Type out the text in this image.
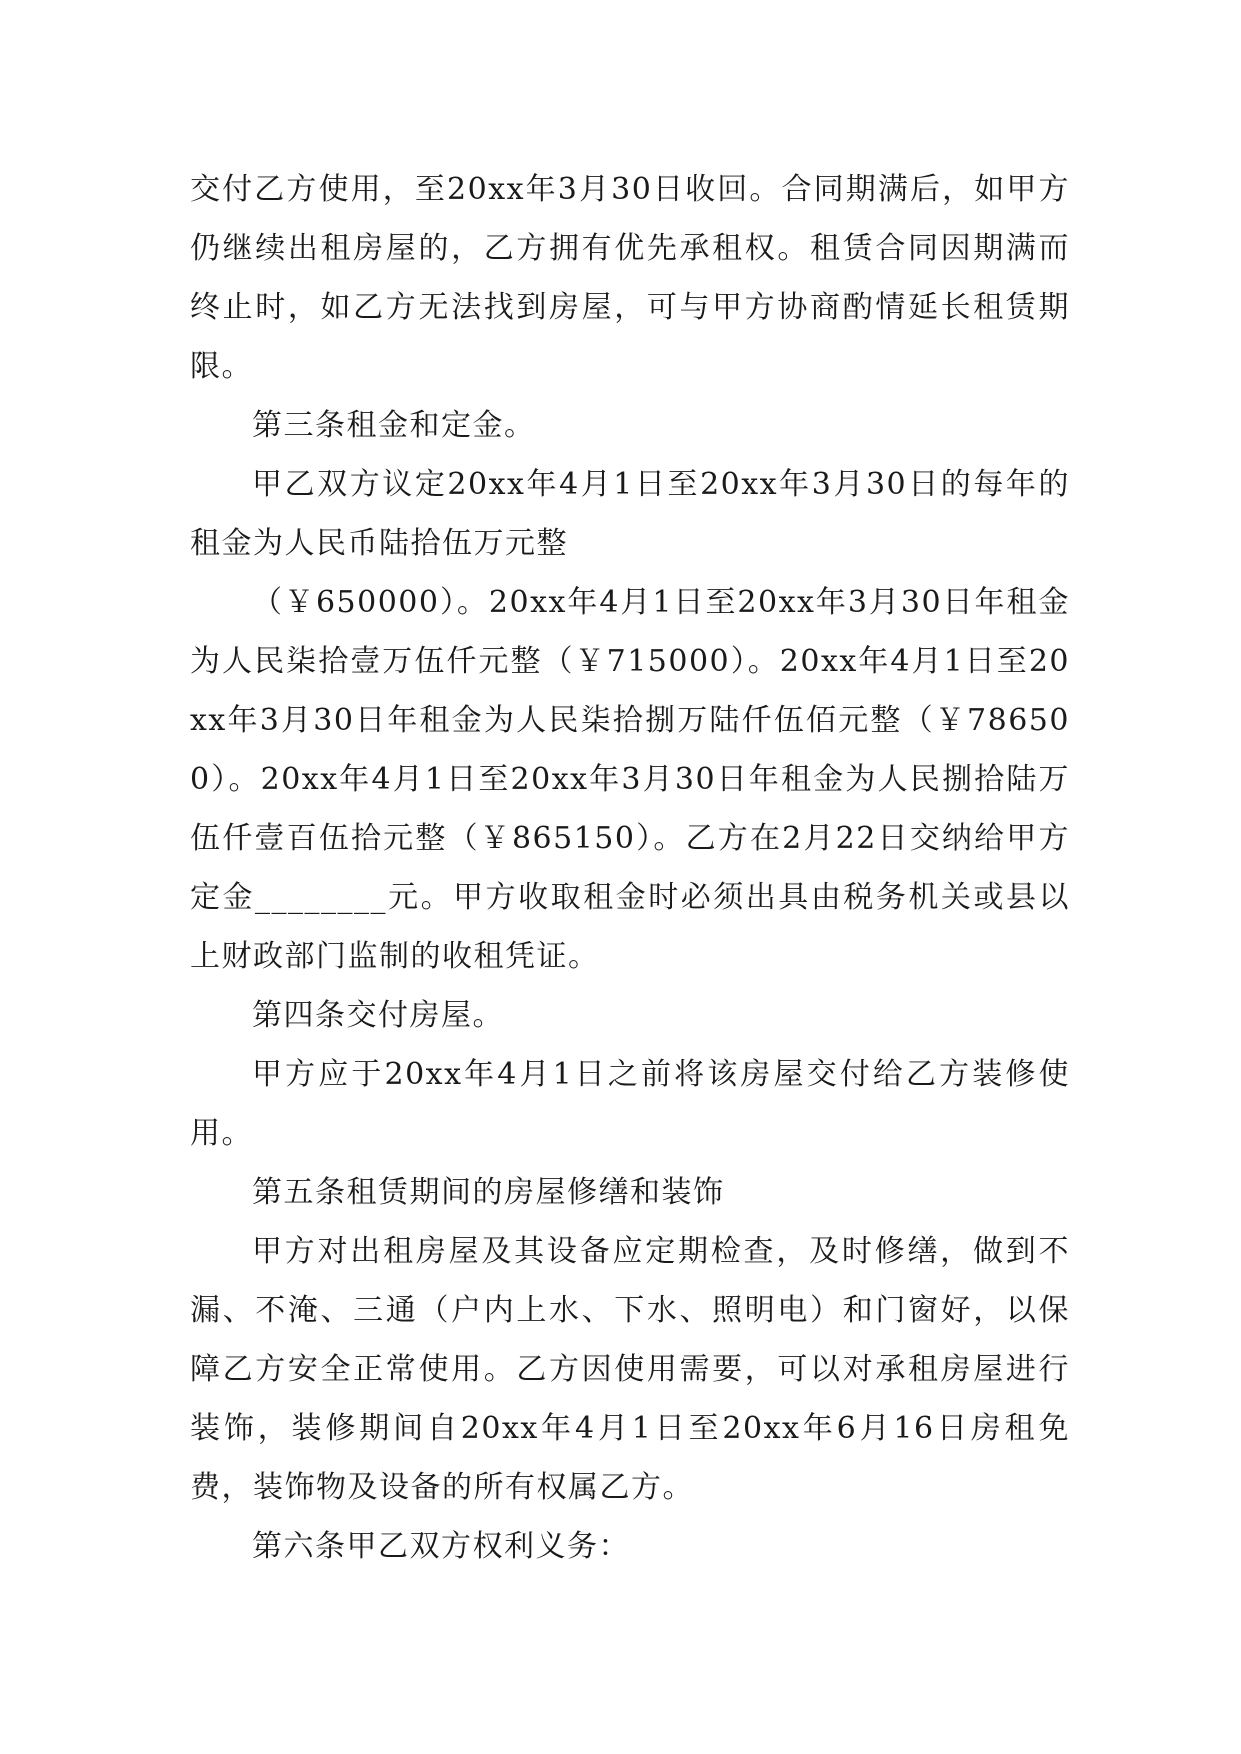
交付乙方使用，至20xx年3月30日收回。合同期满后，如甲方仍继续出租房屋的，乙方拥有优先承租权。租赁合同因期满而终止时，如乙方无法找到房屋，可与甲方协商酌情延长租赁期限。

第三条租金和定金。

甲乙双方议定20xx年4月1日至20xx年3月30日的每年的租金为人民币陆拾伍万元整

（￥650000）。20xx年4月1日至20xx年3月30日年租金为人民柒拾壹万伍仟元整（￥715000）。20xx年4月1日至20xx年3月30日年租金为人民柒拾捌万陆仟伍佰元整（￥786500）。20xx年4月1日至20xx年3月30日年租金为人民捌拾陆万伍仟壹百伍拾元整（￥865150）。乙方在2月22日交纳给甲方定金________元。甲方收取租金时必须出具由税务机关或县以上财政部门监制的收租凭证。

第四条交付房屋。

甲方应于20xx年4月1日之前将该房屋交付给乙方装修使用。

第五条租赁期间的房屋修缮和装饰

甲方对出租房屋及其设备应定期检查，及时修缮，做到不漏、不淹、三通（户内上水、下水、照明电）和门窗好，以保障乙方安全正常使用。乙方因使用需要，可以对承租房屋进行装饰，装修期间自20xx年4月1日至20xx年6月16日房租免费，装饰物及设备的所有权属乙方。

第六条甲乙双方权利义务：
